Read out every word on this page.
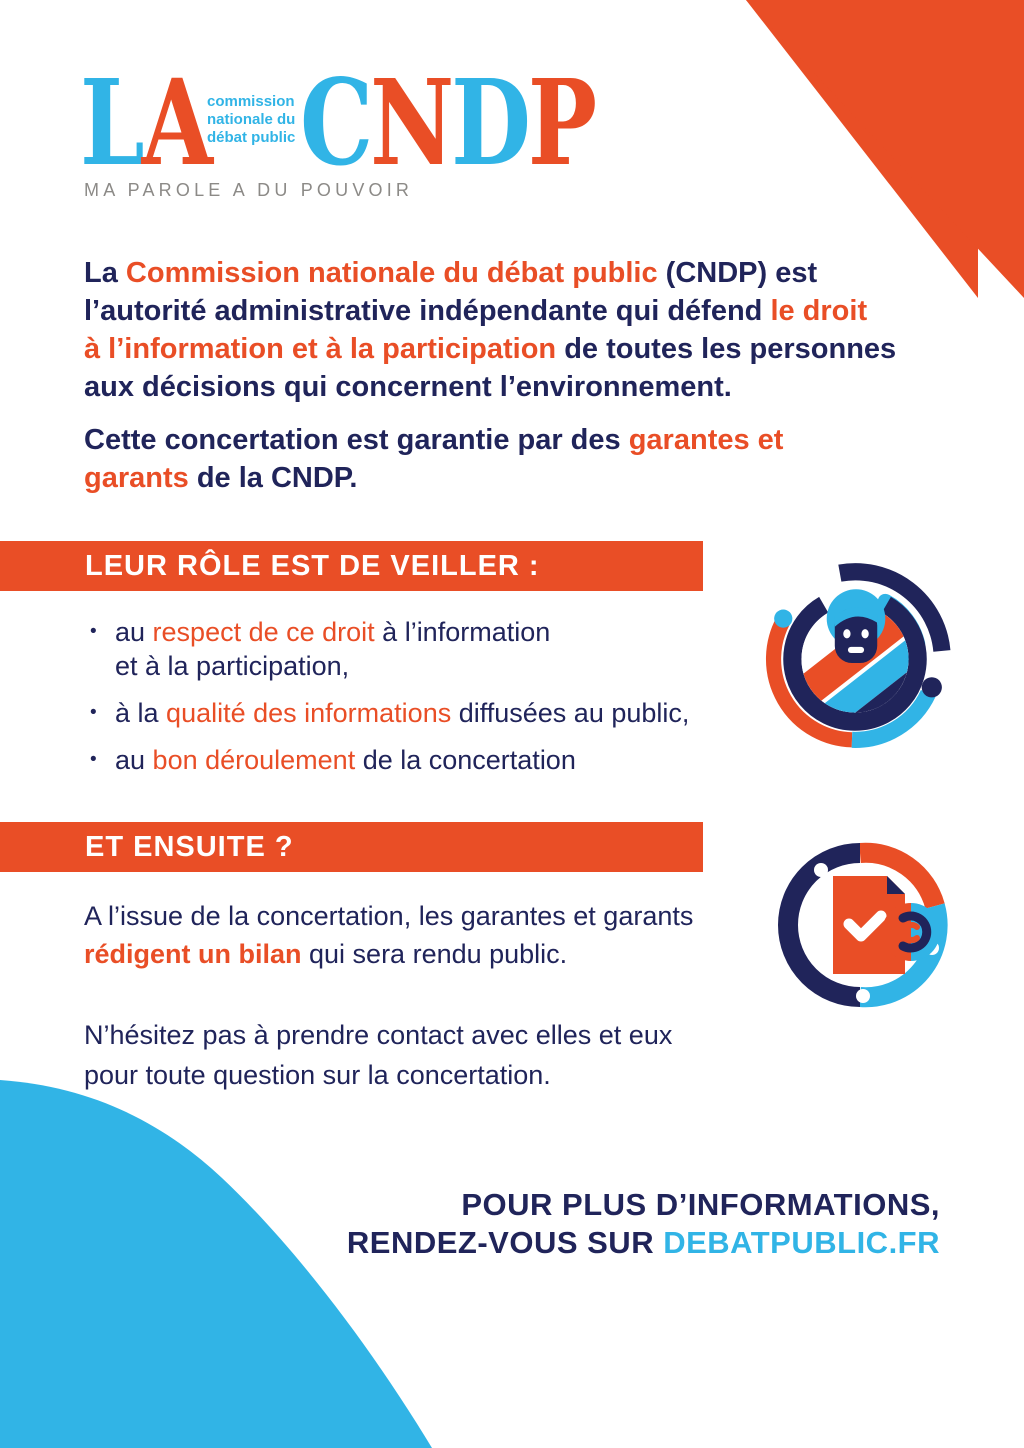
LA
commission
nationale du
débat public CNDP
MA PAROLE A DU POUVOIR

La Commission nationale du débat public (CNDP) est
l’autorité administrative indépendante qui défend le droit
à l’information et à la participation de toutes les personnes
aux décisions qui concernent l’environnement.

Cette concertation est garantie par des garantes et
garants de la CNDP.

LEUR RÔLE EST DE VEILLER :
• au respect de ce droit à l’information
et à la participation,
• à la qualité des informations diffusées au public,
• au bon déroulement de la concertation
ET ENSUITE ?

A l’issue de la concertation, les garantes et garants
rédigent un bilan qui sera rendu public.

N’hésitez pas à prendre contact avec elles et eux
pour toute question sur la concertation.

POUR PLUS D’INFORMATIONS,
RENDEZ-VOUS SUR DEBATPUBLIC.FR
